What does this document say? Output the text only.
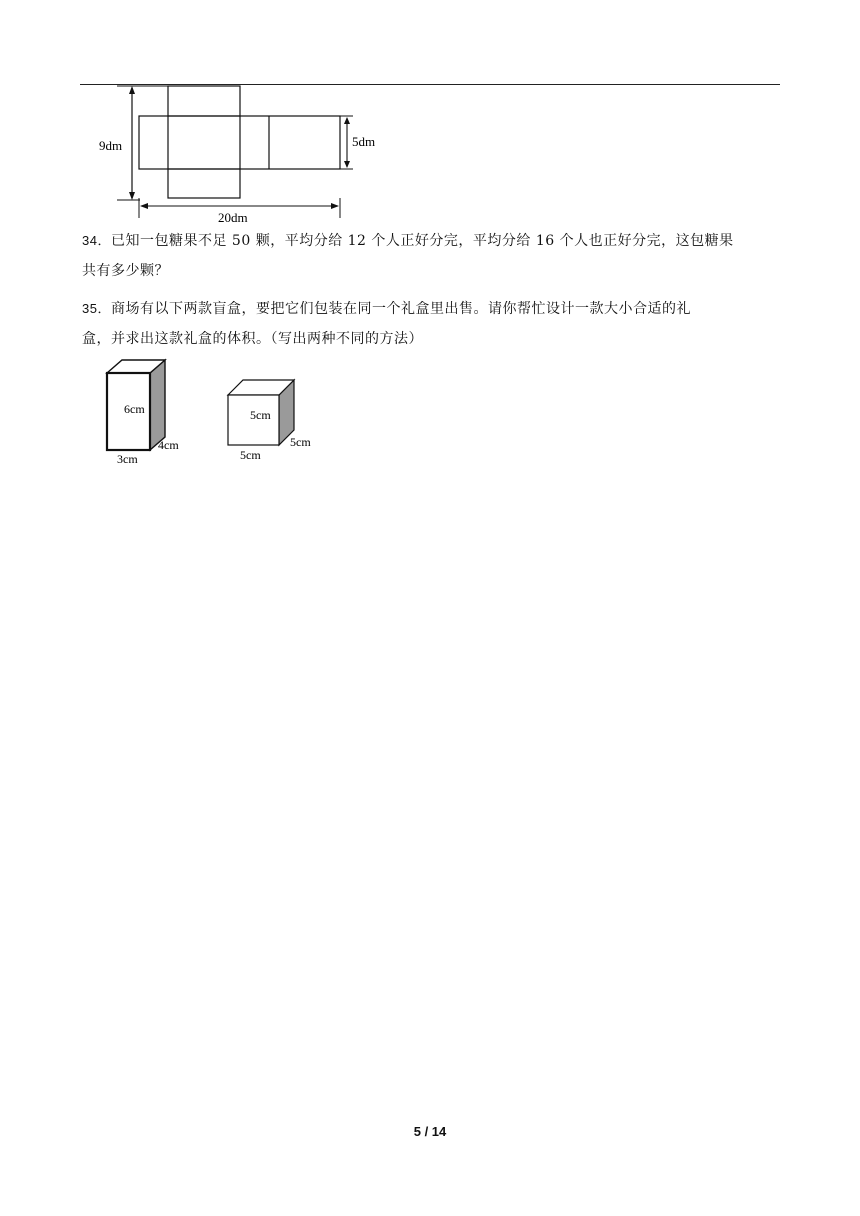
9dm	5dm
20dm
34．已知一包糖果不足 50 颗，平均分给 12 个人正好分完，平均分给 16 个人也正好分完，这包糖果
共有多少颗？
35．商场有以下两款盲盒，要把它们包装在同一个礼盒里出售。请你帮忙设计一款大小合适的礼
盒，并求出这款礼盒的体积。（写出两种不同的方法）
6cm
4cm
3cm
5cm
5cm
5cm
5 / 14
